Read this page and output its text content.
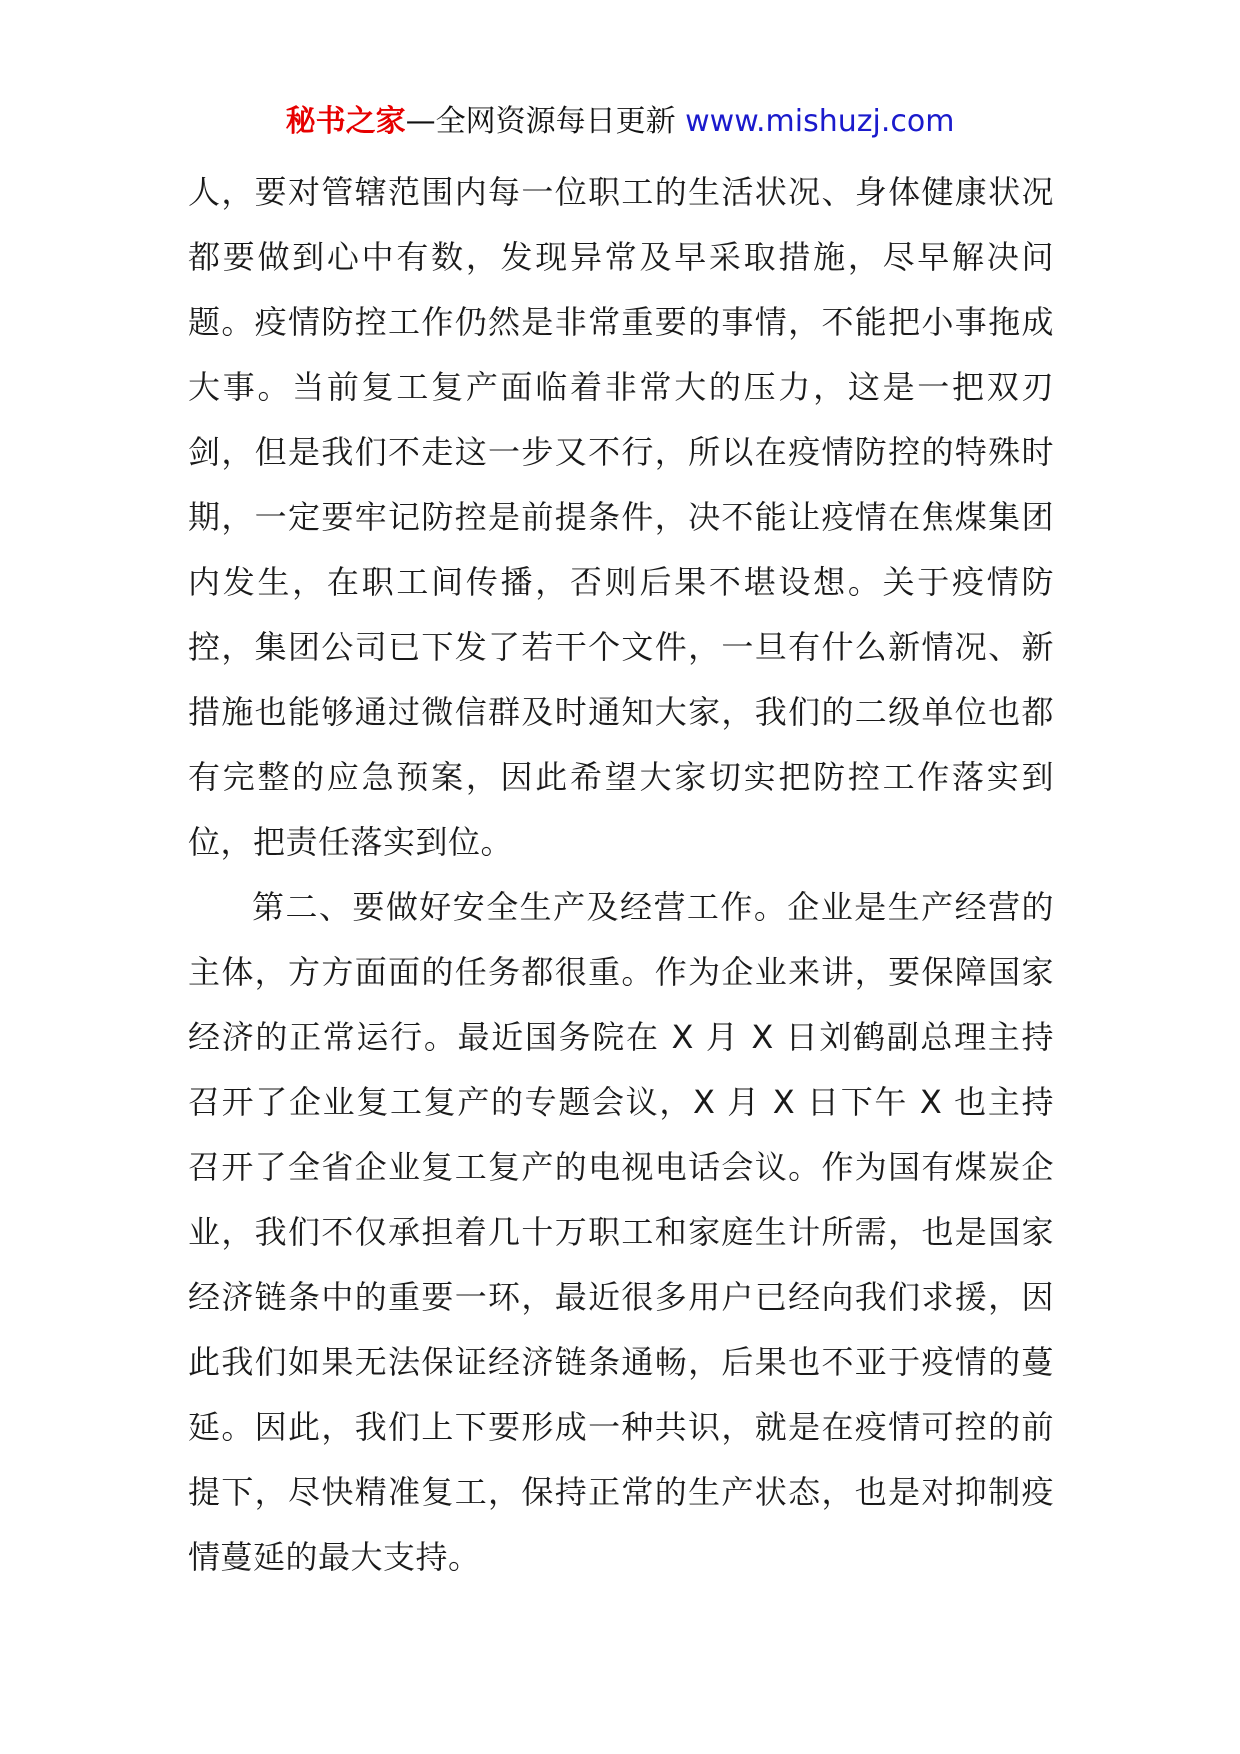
秘书之家—全网资源每日更新 www.mishuzj.com

人，要对管辖范围内每一位职工的生活状况、身体健康状况都要做到心中有数，发现异常及早采取措施，尽早解决问题。疫情防控工作仍然是非常重要的事情，不能把小事拖成大事。当前复工复产面临着非常大的压力，这是一把双刃剑，但是我们不走这一步又不行，所以在疫情防控的特殊时期，一定要牢记防控是前提条件，决不能让疫情在焦煤集团内发生，在职工间传播，否则后果不堪设想。关于疫情防控，集团公司已下发了若干个文件，一旦有什么新情况、新措施也能够通过微信群及时通知大家，我们的二级单位也都有完整的应急预案，因此希望大家切实把防控工作落实到位，把责任落实到位。

第二、要做好安全生产及经营工作。企业是生产经营的主体，方方面面的任务都很重。作为企业来讲，要保障国家经济的正常运行。最近国务院在 X 月 X 日刘鹤副总理主持召开了企业复工复产的专题会议，X 月 X 日下午 X 也主持召开了全省企业复工复产的电视电话会议。作为国有煤炭企业，我们不仅承担着几十万职工和家庭生计所需，也是国家经济链条中的重要一环，最近很多用户已经向我们求援，因此我们如果无法保证经济链条通畅，后果也不亚于疫情的蔓延。因此，我们上下要形成一种共识，就是在疫情可控的前提下，尽快精准复工，保持正常的生产状态，也是对抑制疫情蔓延的最大支持。
